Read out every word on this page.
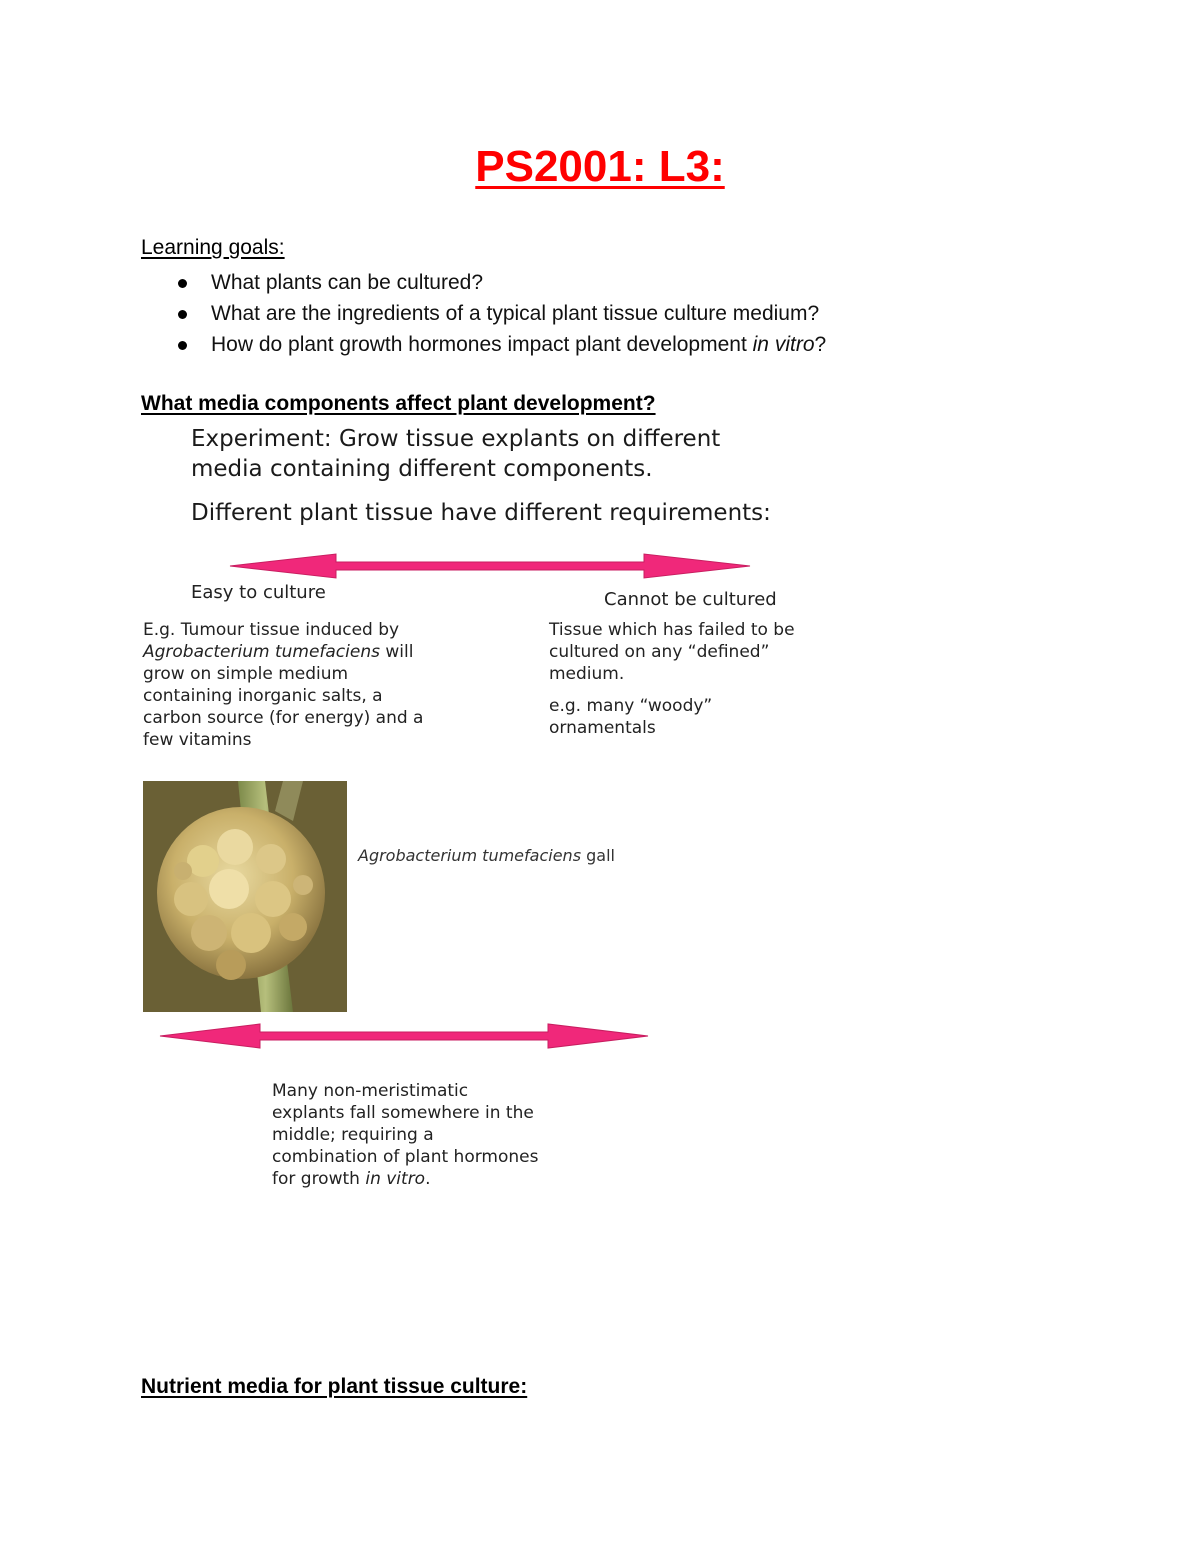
PS2001: L3:
Learning goals:
What plants can be cultured?
What are the ingredients of a typical plant tissue culture medium?
How do plant growth hormones impact plant development in vitro?
What media components affect plant development?
Experiment: Grow tissue explants on different
media containing different components.
Different plant tissue have different requirements:
Easy to culture	Cannot be cultured
E.g. Tumour tissue induced by
Agrobacterium tumefaciens will
grow on simple medium
containing inorganic salts, a
carbon source (for energy) and a
few vitamins
Tissue which has failed to be
cultured on any “defined”
medium.
e.g. many “woody”
ornamentals
Agrobacterium tumefaciens gall
Many non-meristimatic
explants fall somewhere in the
middle; requiring a
combination of plant hormones
for growth in vitro.
Nutrient media for plant tissue culture:
